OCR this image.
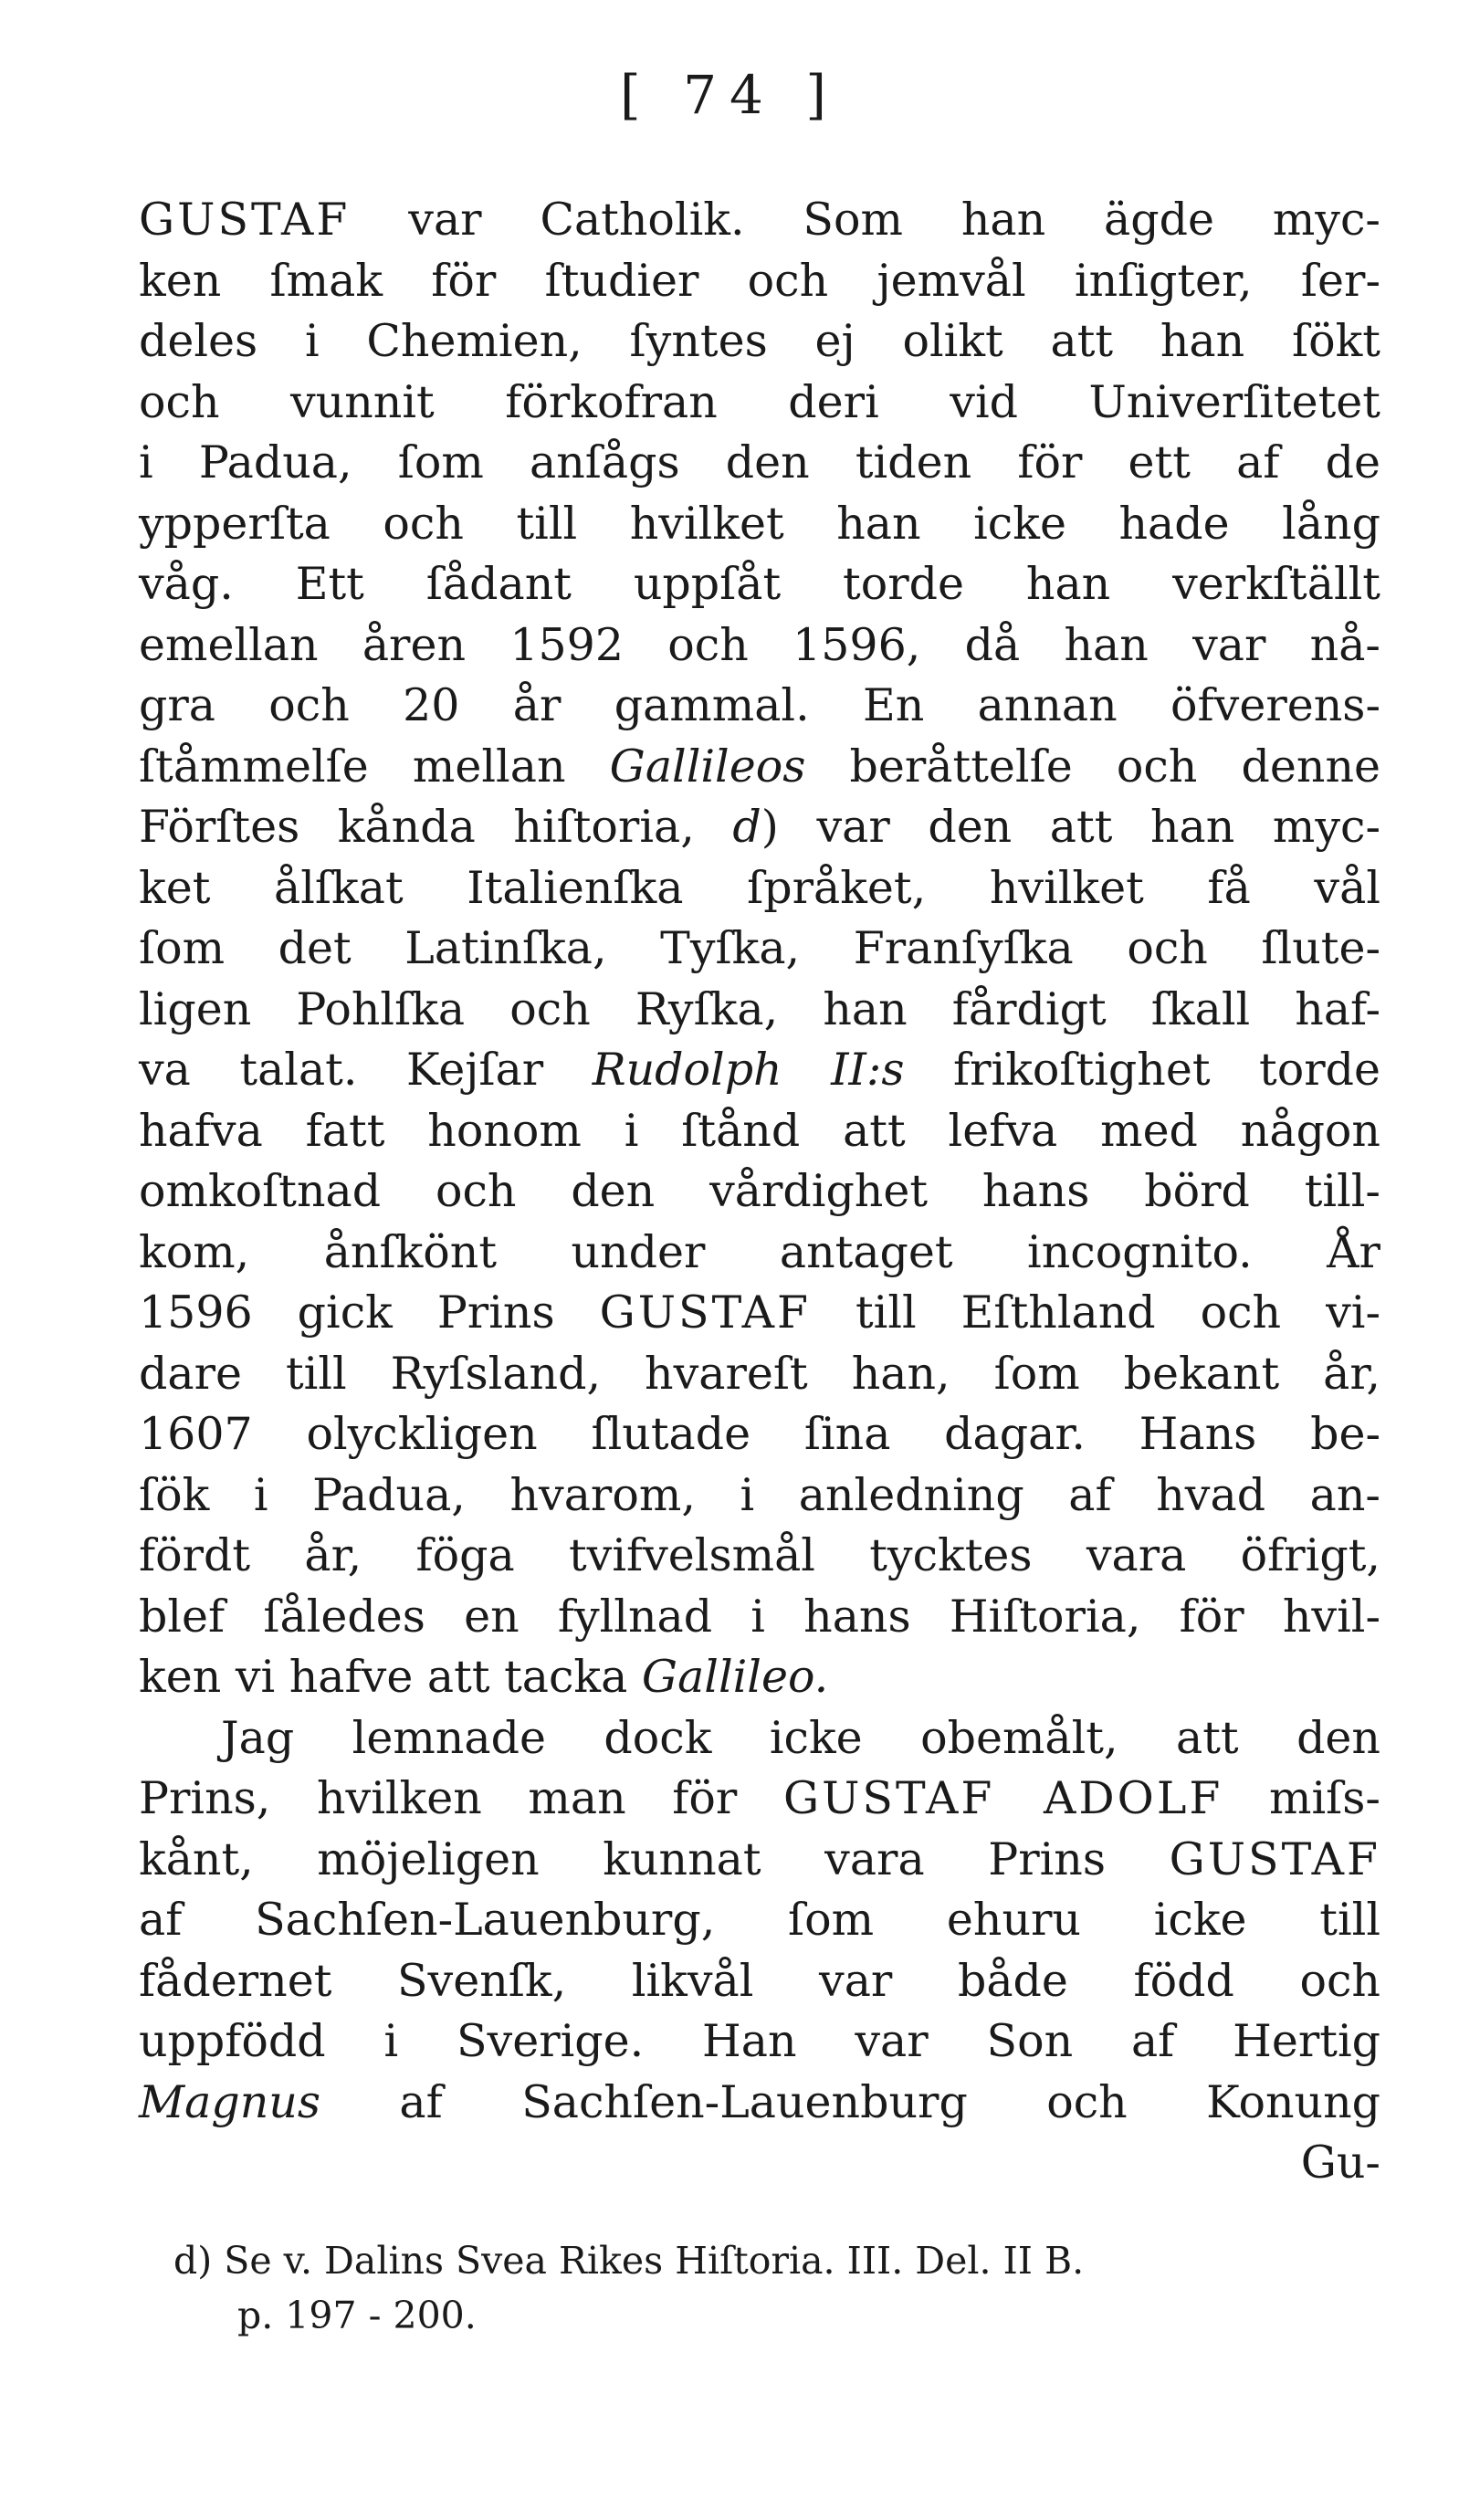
[ 74 ]
GUSTAF var Catholik. Som han ägde myc-
ken ſmak för ſtudier och jemvål inſigter, ſer-
deles i Chemien, ſyntes ej olikt att han ſökt
och vunnit förkofran deri vid Univerſitetet
i Padua, ſom anſågs den tiden för ett af de
ypperſta och till hvilket han icke hade lång
våg. Ett ſådant uppſåt torde han verkſtällt
emellan åren 1592 och 1596, då han var nå-
gra och 20 år gammal. En annan öfverens-
ſtåmmelſe mellan Gallileos beråttelſe och denne
Förſtes kånda hiſtoria, d) var den att han myc-
ket ålſkat Italienſka ſpråket, hvilket få vål
ſom det Latinſka, Tyſka, Franſyſka och ſlute-
ligen Pohlſka och Ryſka, han fårdigt ſkall haf-
va talat. Kejſar Rudolph II:s frikoſtighet torde
hafva fatt honom i ſtånd att lefva med någon
omkoſtnad och den vårdighet hans börd till-
kom, ånſkönt under antaget incognito. År
1596 gick Prins GUSTAF till Eſthland och vi-
dare till Ryſsland, hvareſt han, ſom bekant år,
1607 olyckligen ſlutade ſina dagar. Hans be-
ſök i Padua, hvarom, i anledning af hvad an-
fördt år, föga tvifvelsmål tycktes vara öfrigt,
blef ſåledes en fyllnad i hans Hiſtoria, för hvil-
ken vi hafve att tacka Gallileo.
Jag lemnade dock icke obemålt, att den
Prins, hvilken man för GUSTAF ADOLF miſs-
kånt, möjeligen kunnat vara Prins GUSTAF
af Sachſen-Lauenburg, ſom ehuru icke till
fådernet Svenſk, likvål var både född och
uppfödd i Sverige. Han var Son af Hertig
Magnus af Sachſen-Lauenburg och Konung
Gu-
d) Se v. Dalins Svea Rikes Hiſtoria. III. Del. II B.
p. 197 - 200.
